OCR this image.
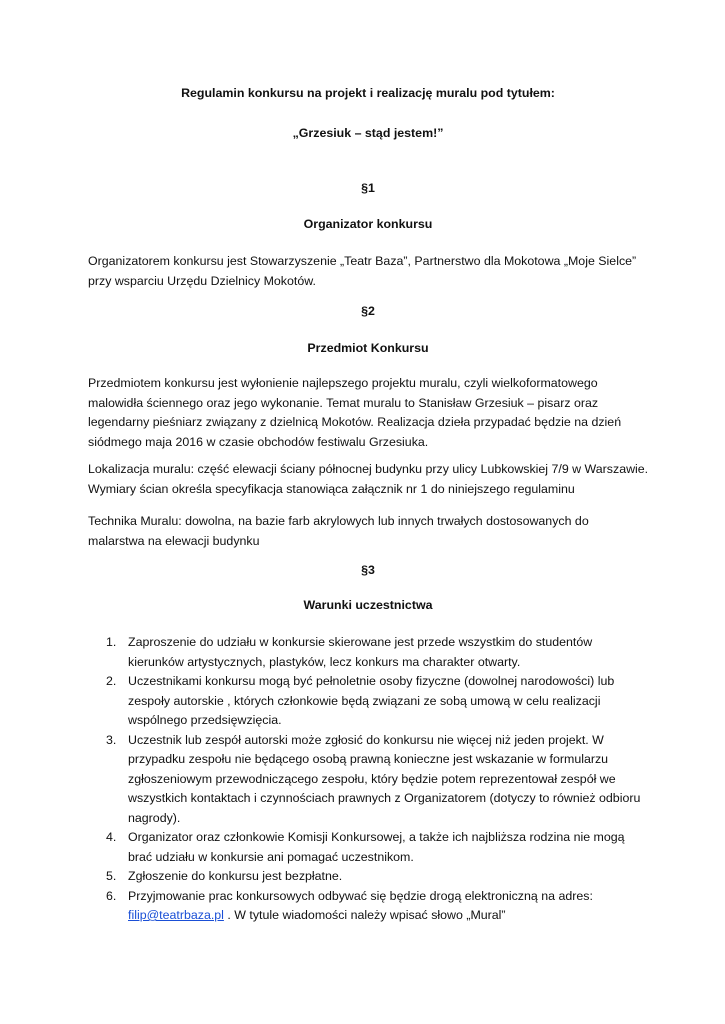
Regulamin konkursu na projekt i realizację muralu pod tytułem:
„Grzesiuk – stąd jestem!”
§1
Organizator konkursu
Organizatorem konkursu jest Stowarzyszenie „Teatr Baza”, Partnerstwo dla Mokotowa „Moje Sielce”
przy wsparciu Urzędu Dzielnicy Mokotów.
§2
Przedmiot Konkursu
Przedmiotem konkursu jest wyłonienie najlepszego projektu muralu, czyli wielkoformatowego
malowidła ściennego oraz jego wykonanie. Temat muralu to Stanisław Grzesiuk – pisarz oraz
legendarny pieśniarz związany z dzielnicą Mokotów. Realizacja dzieła przypadać będzie na dzień
siódmego maja 2016 w czasie obchodów festiwalu Grzesiuka.
Lokalizacja muralu: część elewacji ściany północnej budynku przy ulicy Lubkowskiej 7/9 w Warszawie.
Wymiary ścian określa specyfikacja stanowiąca załącznik nr 1 do niniejszego regulaminu
Technika Muralu: dowolna, na bazie farb akrylowych lub innych trwałych dostosowanych do
malarstwa na elewacji budynku
§3
Warunki uczestnictwa
1. Zaproszenie do udziału w konkursie skierowane jest przede wszystkim do studentów
kierunków artystycznych, plastyków, lecz konkurs ma charakter otwarty.
2. Uczestnikami konkursu mogą być pełnoletnie osoby fizyczne (dowolnej narodowości) lub
zespoły autorskie , których członkowie będą związani ze sobą umową w celu realizacji
wspólnego przedsięwzięcia.
3. Uczestnik lub zespół autorski może zgłosić do konkursu nie więcej niż jeden projekt. W
przypadku zespołu nie będącego osobą prawną konieczne jest wskazanie w formularzu
zgłoszeniowym przewodniczącego zespołu, który będzie potem reprezentował zespół we
wszystkich kontaktach i czynnościach prawnych z Organizatorem (dotyczy to również odbioru
nagrody).
4. Organizator oraz członkowie Komisji Konkursowej, a także ich najbliższa rodzina nie mogą
brać udziału w konkursie ani pomagać uczestnikom.
5. Zgłoszenie do konkursu jest bezpłatne.
6. Przyjmowanie prac konkursowych odbywać się będzie drogą elektroniczną na adres:
filip@teatrbaza.pl . W tytule wiadomości należy wpisać słowo „Mural”
